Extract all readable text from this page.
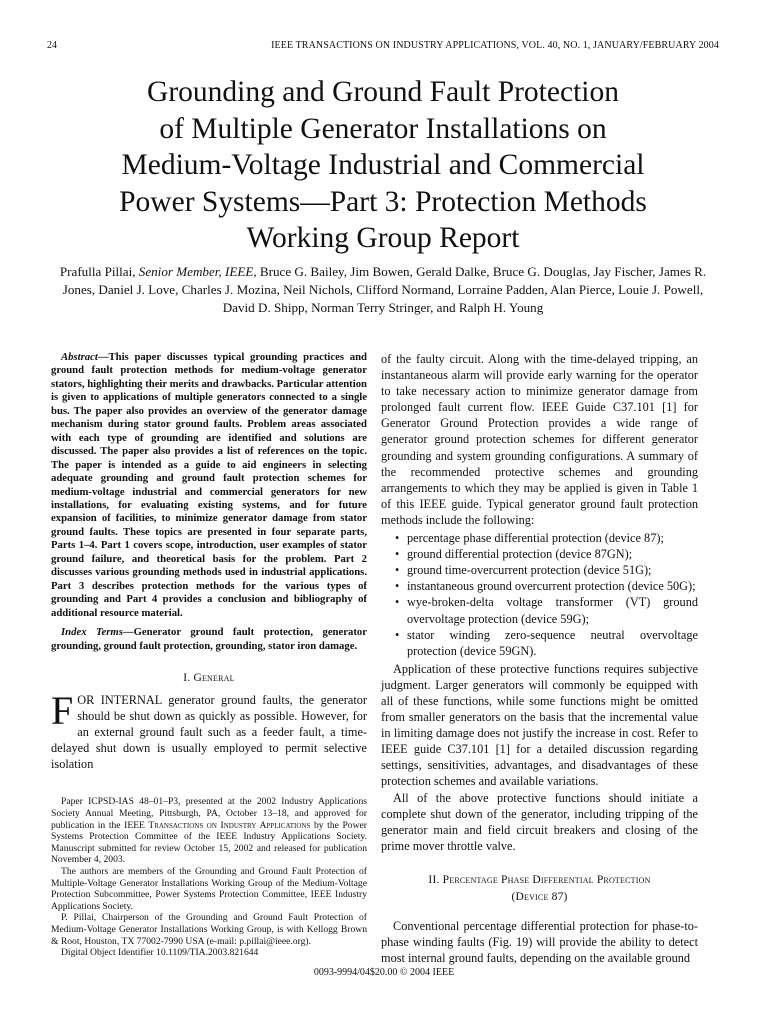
24	IEEE TRANSACTIONS ON INDUSTRY APPLICATIONS, VOL. 40, NO. 1, JANUARY/FEBRUARY 2004
Grounding and Ground Fault Protection
of Multiple Generator Installations on
Medium-Voltage Industrial and Commercial
Power Systems—Part 3: Protection Methods
Working Group Report
Prafulla Pillai, Senior Member, IEEE, Bruce G. Bailey, Jim Bowen, Gerald Dalke, Bruce G. Douglas, Jay Fischer, James R. Jones, Daniel J. Love, Charles J. Mozina, Neil Nichols, Clifford Normand, Lorraine Padden, Alan Pierce, Louie J. Powell, David D. Shipp, Norman Terry Stringer, and Ralph H. Young

Abstract—This paper discusses typical grounding practices and ground fault protection methods for medium-voltage generator stators, highlighting their merits and drawbacks. Particular attention is given to applications of multiple generators connected to a single bus. The paper also provides an overview of the generator damage mechanism during stator ground faults. Problem areas associated with each type of grounding are identified and solutions are discussed. The paper also provides a list of references on the topic. The paper is intended as a guide to aid engineers in selecting adequate grounding and ground fault protection schemes for medium-voltage industrial and commercial generators for new installations, for evaluating existing systems, and for future expansion of facilities, to minimize generator damage from stator ground faults. These topics are presented in four separate parts, Parts 1–4. Part 1 covers scope, introduction, user examples of stator ground failure, and theoretical basis for the problem. Part 2 discusses various grounding methods used in industrial applications. Part 3 describes protection methods for the various types of grounding and Part 4 provides a conclusion and bibliography of additional resource material.

Index Terms—Generator ground fault protection, generator grounding, ground fault protection, grounding, stator iron damage.

I. General

F OR INTERNAL generator ground faults, the generator should be shut down as quickly as possible. However, for an external ground fault such as a feeder fault, a time-delayed shut down is usually employed to permit selective isolation

Paper ICPSD-IAS 48–01–P3, presented at the 2002 Industry Applications Society Annual Meeting, Pittsburgh, PA, October 13–18, and approved for publication in the IEEE Transactions on Industry Applications by the Power Systems Protection Committee of the IEEE Industry Applications Society. Manuscript submitted for review October 15, 2002 and released for publication November 4, 2003.

The authors are members of the Grounding and Ground Fault Protection of Multiple-Voltage Generator Installations Working Group of the Medium-Voltage Protection Subcommittee, Power Systems Protection Committee, IEEE Industry Applications Society.

P. Pillai, Chairperson of the Grounding and Ground Fault Protection of Medium-Voltage Generator Installations Working Group, is with Kellogg Brown & Root, Houston, TX 77002-7990 USA (e-mail: p.pillai@ieee.org).

Digital Object Identifier 10.1109/TIA.2003.821644

of the faulty circuit. Along with the time-delayed tripping, an instantaneous alarm will provide early warning for the operator to take necessary action to minimize generator damage from prolonged fault current flow. IEEE Guide C37.101 [1] for Generator Ground Protection provides a wide range of generator ground protection schemes for different generator grounding and system grounding configurations. A summary of the recommended protective schemes and grounding arrangements to which they may be applied is given in Table 1 of this IEEE guide. Typical generator ground fault protection methods include the following:

• percentage phase differential protection (device 87);
• ground differential protection (device 87GN);
• ground time-overcurrent protection (device 51G);
• instantaneous ground overcurrent protection (device 50G);
• wye-broken-delta voltage transformer (VT) ground overvoltage protection (device 59G);
• stator winding zero-sequence neutral overvoltage protection (device 59GN).

Application of these protective functions requires subjective judgment. Larger generators will commonly be equipped with all of these functions, while some functions might be omitted from smaller generators on the basis that the incremental value in limiting damage does not justify the increase in cost. Refer to IEEE guide C37.101 [1] for a detailed discussion regarding settings, sensitivities, advantages, and disadvantages of these protection schemes and available variations.

All of the above protective functions should initiate a complete shut down of the generator, including tripping of the generator main and field circuit breakers and closing of the prime mover throttle valve.

II. Percentage Phase Differential Protection
(Device 87)

Conventional percentage differential protection for phase-to-phase winding faults (Fig. 19) will provide the ability to detect most internal ground faults, depending on the available ground

0093-9994/04$20.00 © 2004 IEEE
